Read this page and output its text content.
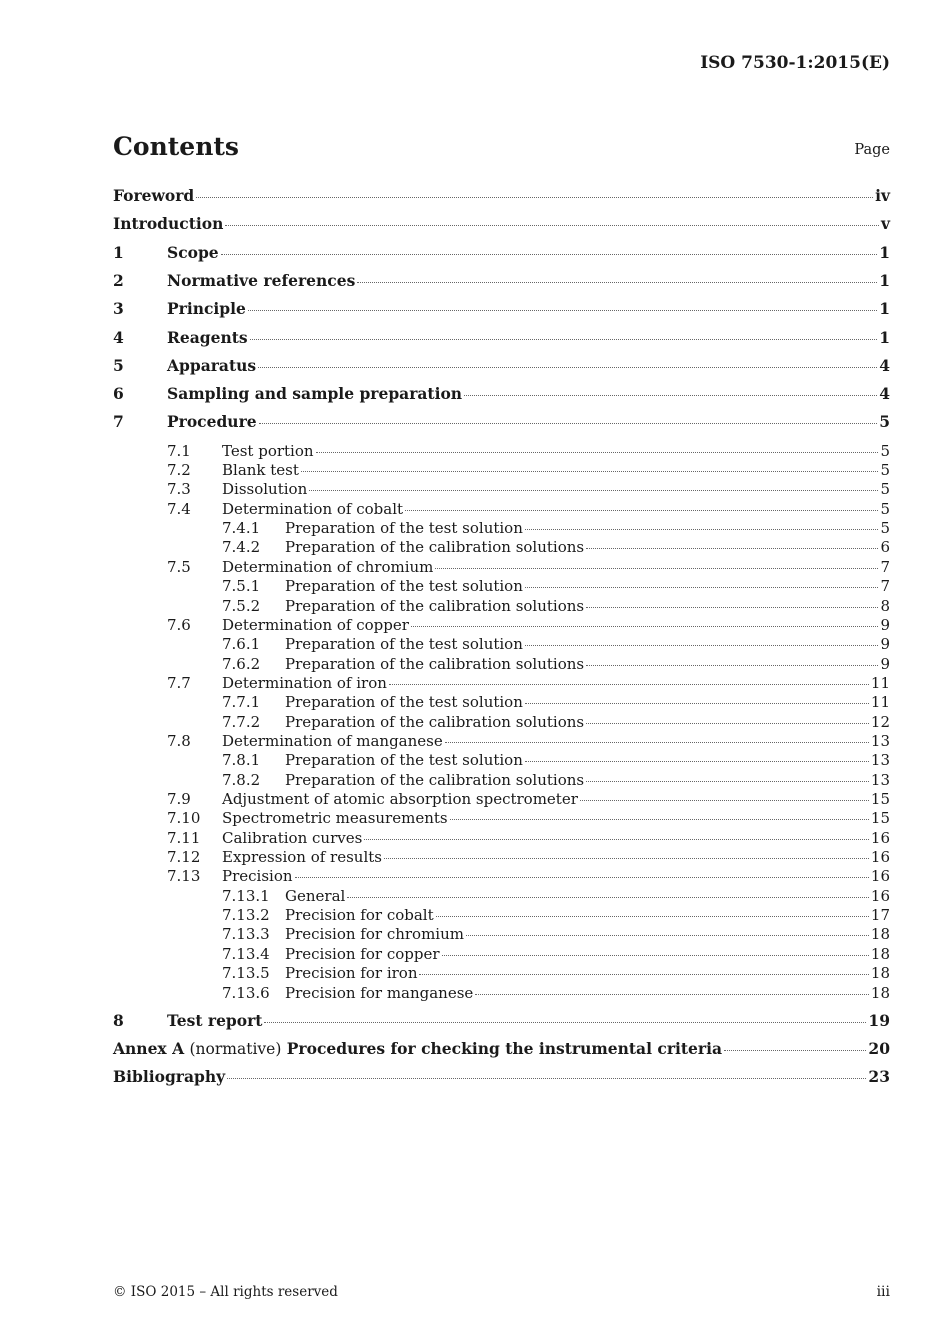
ISO 7530-1:2015(E)
Contents	Page
Foreword	iv
Introduction	v
1	Scope	1
2	Normative references	1
3	Principle	1
4	Reagents	1
5	Apparatus	4
6	Sampling and sample preparation	4
7	Procedure	5
7.1	Test portion	5
7.2	Blank test	5
7.3	Dissolution	5
7.4	Determination of cobalt	5
7.4.1	Preparation of the test solution	5
7.4.2	Preparation of the calibration solutions	6
7.5	Determination of chromium	7
7.5.1	Preparation of the test solution	7
7.5.2	Preparation of the calibration solutions	8
7.6	Determination of copper	9
7.6.1	Preparation of the test solution	9
7.6.2	Preparation of the calibration solutions	9
7.7	Determination of iron	11
7.7.1	Preparation of the test solution	11
7.7.2	Preparation of the calibration solutions	12
7.8	Determination of manganese	13
7.8.1	Preparation of the test solution	13
7.8.2	Preparation of the calibration solutions	13
7.9	Adjustment of atomic absorption spectrometer	15
7.10	Spectrometric measurements	15
7.11	Calibration curves	16
7.12	Expression of results	16
7.13	Precision	16
7.13.1	General	16
7.13.2	Precision for cobalt	17
7.13.3	Precision for chromium	18
7.13.4	Precision for copper	18
7.13.5	Precision for iron	18
7.13.6	Precision for manganese	18
8	Test report	19
Annex A (normative) Procedures for checking the instrumental criteria	20
Bibliography	23
© ISO 2015 – All rights reserved	iii
